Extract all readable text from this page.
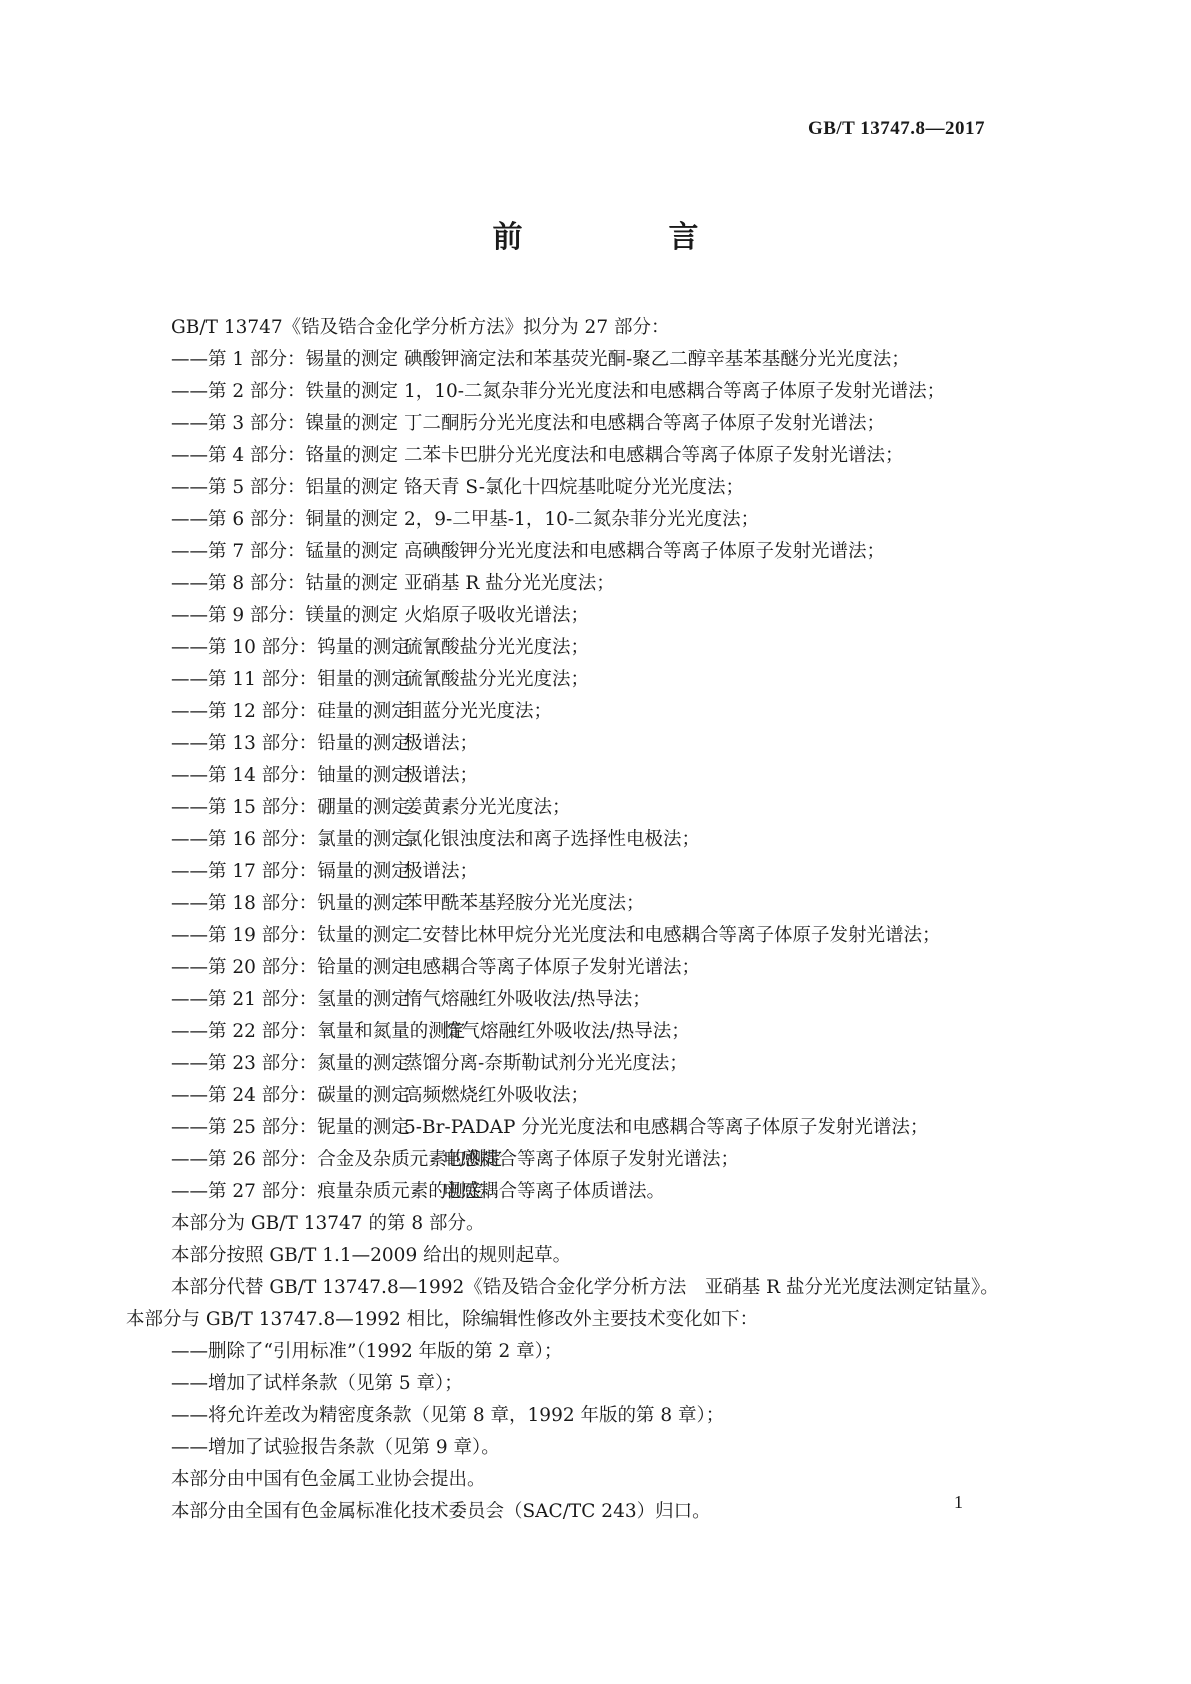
GB/T 13747.8—2017

前　言

GB/T 13747《锆及锆合金化学分析方法》拟分为 27 部分：

——第 1 部分：锡量的测定 碘酸钾滴定法和苯基荧光酮-聚乙二醇辛基苯基醚分光光度法；

——第 2 部分：铁量的测定 1，10-二氮杂菲分光光度法和电感耦合等离子体原子发射光谱法；

——第 3 部分：镍量的测定 丁二酮肟分光光度法和电感耦合等离子体原子发射光谱法；

——第 4 部分：铬量的测定 二苯卡巴肼分光光度法和电感耦合等离子体原子发射光谱法；

——第 5 部分：铝量的测定 铬天青 S-氯化十四烷基吡啶分光光度法；

——第 6 部分：铜量的测定 2，9-二甲基-1，10-二氮杂菲分光光度法；

——第 7 部分：锰量的测定 高碘酸钾分光光度法和电感耦合等离子体原子发射光谱法；

——第 8 部分：钴量的测定 亚硝基 R 盐分光光度法；

——第 9 部分：镁量的测定 火焰原子吸收光谱法；

——第 10 部分：钨量的测定硫氰酸盐分光光度法；

——第 11 部分：钼量的测定硫氰酸盐分光光度法；

——第 12 部分：硅量的测定钼蓝分光光度法；

——第 13 部分：铅量的测定极谱法；

——第 14 部分：铀量的测定极谱法；

——第 15 部分：硼量的测定姜黄素分光光度法；

——第 16 部分：氯量的测定氯化银浊度法和离子选择性电极法；

——第 17 部分：镉量的测定极谱法；

——第 18 部分：钒量的测定苯甲酰苯基羟胺分光光度法；

——第 19 部分：钛量的测定二安替比林甲烷分光光度法和电感耦合等离子体原子发射光谱法；

——第 20 部分：铪量的测定电感耦合等离子体原子发射光谱法；

——第 21 部分：氢量的测定惰气熔融红外吸收法/热导法；

——第 22 部分：氧量和氮量的测定惰气熔融红外吸收法/热导法；

——第 23 部分：氮量的测定蒸馏分离-奈斯勒试剂分光光度法；

——第 24 部分：碳量的测定高频燃烧红外吸收法；

——第 25 部分：铌量的测定5-Br-PADAP 分光光度法和电感耦合等离子体原子发射光谱法；

——第 26 部分：合金及杂质元素的测定电感耦合等离子体原子发射光谱法；

——第 27 部分：痕量杂质元素的测定电感耦合等离子体质谱法。

本部分为 GB/T 13747 的第 8 部分。

本部分按照 GB/T 1.1—2009 给出的规则起草。

本部分代替 GB/T 13747.8—1992《锆及锆合金化学分析方法　亚硝基 R 盐分光光度法测定钴量》。

本部分与 GB/T 13747.8—1992 相比，除编辑性修改外主要技术变化如下：

——删除了“引用标准”（1992 年版的第 2 章）；

——增加了试样条款（见第 5 章）；

——将允许差改为精密度条款（见第 8 章，1992 年版的第 8 章）；

——增加了试验报告条款（见第 9 章）。

本部分由中国有色金属工业协会提出。

本部分由全国有色金属标准化技术委员会（SAC/TC 243）归口。	1
